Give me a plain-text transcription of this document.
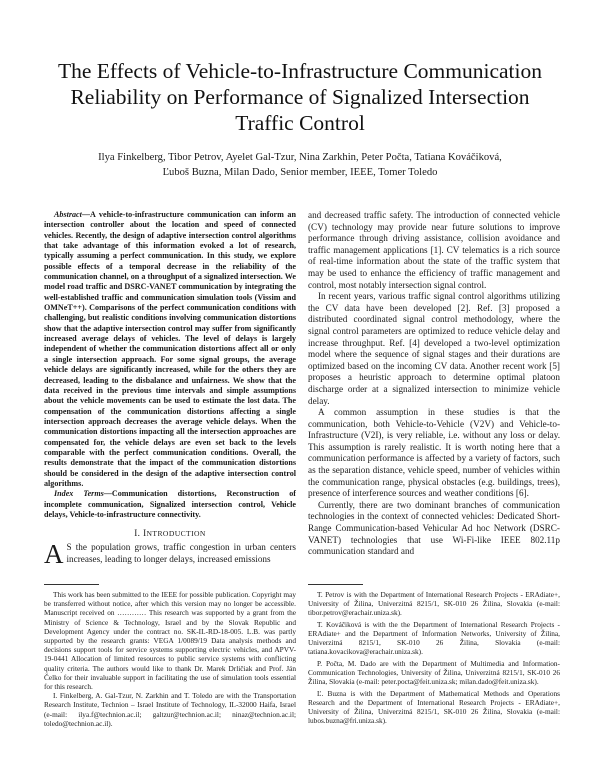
The Effects of Vehicle-to-Infrastructure Communication Reliability on Performance of Signalized Intersection Traffic Control
Ilya Finkelberg, Tibor Petrov, Ayelet Gal-Tzur, Nina Zarkhin, Peter Počta, Tatiana Kováčiková,
Ľuboš Buzna, Milan Dado, Senior member, IEEE, Tomer Toledo
Abstract—A vehicle-to-infrastructure communication can inform an intersection controller about the location and speed of connected vehicles. Recently, the design of adaptive intersection control algorithms that take advantage of this information evoked a lot of research, typically assuming a perfect communication. In this study, we explore possible effects of a temporal decrease in the reliability of the communication channel, on a throughput of a signalized intersection. We model road traffic and DSRC-VANET communication by integrating the well-established traffic and communication simulation tools (Vissim and OMNeT++). Comparisons of the perfect communication conditions with challenging, but realistic conditions involving communication distortions show that the adaptive intersection control may suffer from significantly increased average delays of vehicles. The level of delays is largely independent of whether the communication distortions affect all or only a single intersection approach. For some signal groups, the average vehicle delays are significantly increased, while for the others they are decreased, leading to the disbalance and unfairness. We show that the data received in the previous time intervals and simple assumptions about the vehicle movements can be used to estimate the lost data. The compensation of the communication distortions affecting a single intersection approach decreases the average vehicle delays. When the communication distortions impacting all the intersection approaches are compensated for, the vehicle delays are even set back to the levels comparable with the perfect communication conditions. Overall, the results demonstrate that the impact of the communication distortions should be considered in the design of the adaptive intersection control algorithms.
Index Terms—Communication distortions, Reconstruction of incomplete communication, Signalized intersection control, Vehicle delays, Vehicle-to-infrastructure connectivity.
I. INTRODUCTION
A S the population grows, traffic congestion in urban centers increases, leading to longer delays, increased emissions

and decreased traffic safety. The introduction of connected vehicle (CV) technology may provide near future solutions to improve performance through driving assistance, collision avoidance and traffic management applications [1]. CV telematics is a rich source of real-time information about the state of the traffic system that may be used to enhance the efficiency of traffic management and control, most notably intersection signal control.

In recent years, various traffic signal control algorithms utilizing the CV data have been developed [2]. Ref. [3] proposed a distributed coordinated signal control methodology, where the signal control parameters are optimized to reduce vehicle delay and increase throughput. Ref. [4] developed a two-level optimization model where the sequence of signal stages and their durations are optimized based on the incoming CV data. Another recent work [5] proposes a heuristic approach to determine optimal platoon discharge order at a signalized intersection to minimize vehicle delay.

A common assumption in these studies is that the communication, both Vehicle-to-Vehicle (V2V) and Vehicle-to-Infrastructure (V2I), is very reliable, i.e. without any loss or delay. This assumption is rarely realistic. It is worth noting here that a communication performance is affected by a variety of factors, such as the separation distance, vehicle speed, number of vehicles within the communication range, physical obstacles (e.g. buildings, trees), presence of interference sources and weather conditions [6].

Currently, there are two dominant branches of communication technologies in the context of connected vehicles: Dedicated Short-Range Communication-based Vehicular Ad hoc Network (DSRC-VANET) technologies that use Wi-Fi-like IEEE 802.11p communication standard and

This work has been submitted to the IEEE for possible publication. Copyright may be transferred without notice, after which this version may no longer be accessible. Manuscript received on ………… This research was supported by a grant from the Ministry of Science & Technology, Israel and by the Slovak Republic and Development Agency under the contract no. SK-IL-RD-18-005. L.B. was partly supported by the research grants: VEGA 1/0089/19 Data analysis methods and decisions support tools for service systems supporting electric vehicles, and APVV-19-0441 Allocation of limited resources to public service systems with conflicting quality criteria. The authors would like to thank Dr. Marek Drličiak and Prof. Ján Čelko for their invaluable support in facilitating the use of simulation tools essential for this research.

I. Finkelberg, A. Gal-Tzur, N. Zarkhin and T. Toledo are with the Transportation Research Institute, Technion – Israel Institute of Technology, IL-32000 Haifa, Israel (e-mail: ilya.f@technion.ac.il; galtzur@technion.ac.il; ninaz@technion.ac.il; toledo@technion.ac.il).

T. Petrov is with the Department of International Research Projects - ERAdiate+, University of Žilina, Univerzitná 8215/1, SK-010 26 Žilina, Slovakia (e-mail: tibor.petrov@erachair.uniza.sk).

T. Kováčiková is with the the Department of International Research Projects - ERAdiate+ and the Department of Information Networks, University of Žilina, Univerzitná 8215/1, SK-010 26 Žilina, Slovakia (e-mail: tatiana.kovacikova@erachair.uniza.sk).

P. Počta, M. Dado are with the Department of Multimedia and Information-Communication Technologies, University of Žilina, Univerzitná 8215/1, SK-010 26 Žilina, Slovakia (e-mail: peter.pocta@feit.uniza.sk; milan.dado@feit.uniza.sk).

Ľ. Buzna is with the Department of Mathematical Methods and Operations Research and the Department of International Research Projects - ERAdiate+, University of Žilina, Univerzitná 8215/1, SK-010 26 Žilina, Slovakia (e-mail: lubos.buzna@fri.uniza.sk).
